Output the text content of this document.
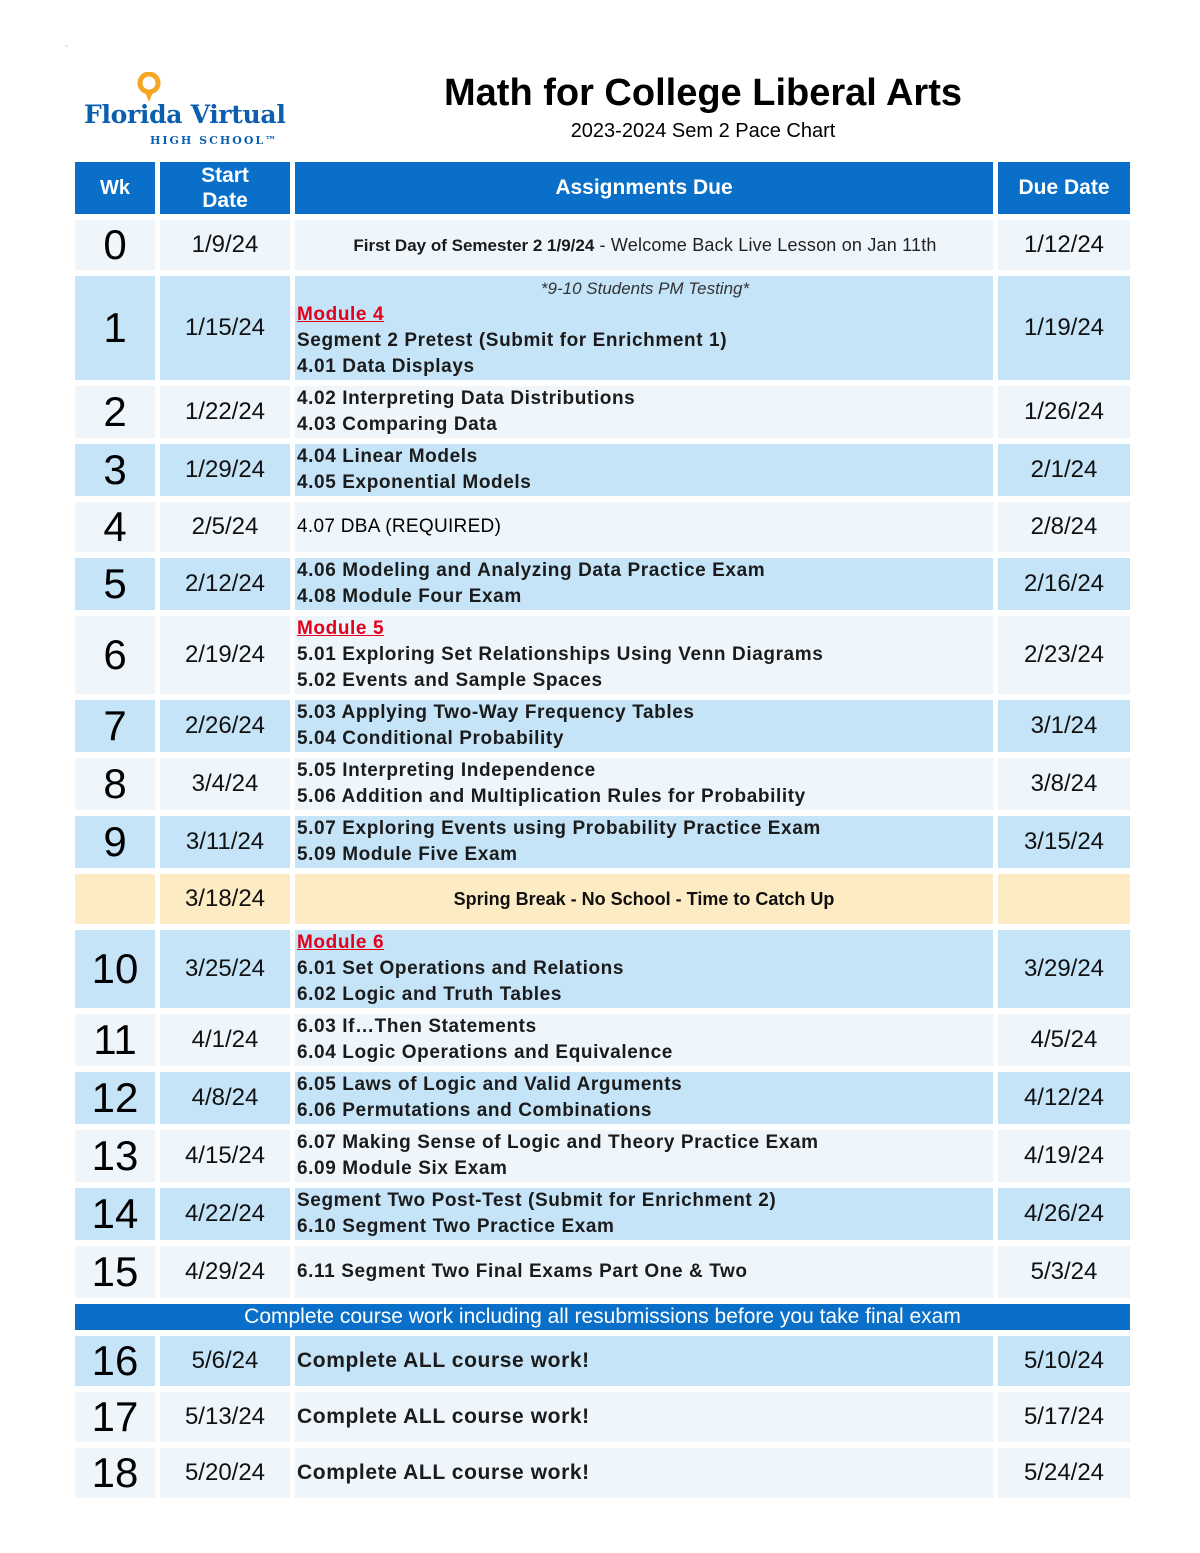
~
Florida Virtual
HIGH SCHOOL™
Math for College Liberal Arts
2023-2024 Sem 2 Pace Chart
Wk	Start Date	Assignments Due	Due Date
0	1/9/24	First Day of Semester 2 1/9/24 - Welcome Back Live Lesson on Jan 11th	1/12/24
1	1/15/24	*9-10 Students PM Testing*
Module 4
Segment 2 Pretest (Submit for Enrichment 1)
4.01 Data Displays	1/19/24
2	1/22/24	4.02 Interpreting Data Distributions
4.03 Comparing Data	1/26/24
3	1/29/24	4.04 Linear Models
4.05 Exponential Models	2/1/24
4	2/5/24	4.07 DBA (REQUIRED)	2/8/24
5	2/12/24	4.06 Modeling and Analyzing Data Practice Exam
4.08 Module Four Exam	2/16/24
6	2/19/24	Module 5
5.01 Exploring Set Relationships Using Venn Diagrams
5.02 Events and Sample Spaces	2/23/24
7	2/26/24	5.03 Applying Two-Way Frequency Tables
5.04 Conditional Probability	3/1/24
8	3/4/24	5.05 Interpreting Independence
5.06 Addition and Multiplication Rules for Probability	3/8/24
9	3/11/24	5.07 Exploring Events using Probability Practice Exam
5.09 Module Five Exam	3/15/24
	3/18/24	Spring Break - No School - Time to Catch Up	
10	3/25/24	Module 6
6.01 Set Operations and Relations
6.02 Logic and Truth Tables	3/29/24
11	4/1/24	6.03 If…Then Statements
6.04 Logic Operations and Equivalence	4/5/24
12	4/8/24	6.05 Laws of Logic and Valid Arguments
6.06 Permutations and Combinations	4/12/24
13	4/15/24	6.07 Making Sense of Logic and Theory Practice Exam
6.09 Module Six Exam	4/19/24
14	4/22/24	Segment Two Post-Test (Submit for Enrichment 2)
6.10 Segment Two Practice Exam	4/26/24
15	4/29/24	6.11 Segment Two Final Exams Part One & Two	5/3/24
Complete course work including all resubmissions before you take final exam			
16	5/6/24	Complete ALL course work!	5/10/24
17	5/13/24	Complete ALL course work!	5/17/24
18	5/20/24	Complete ALL course work!	5/24/24
